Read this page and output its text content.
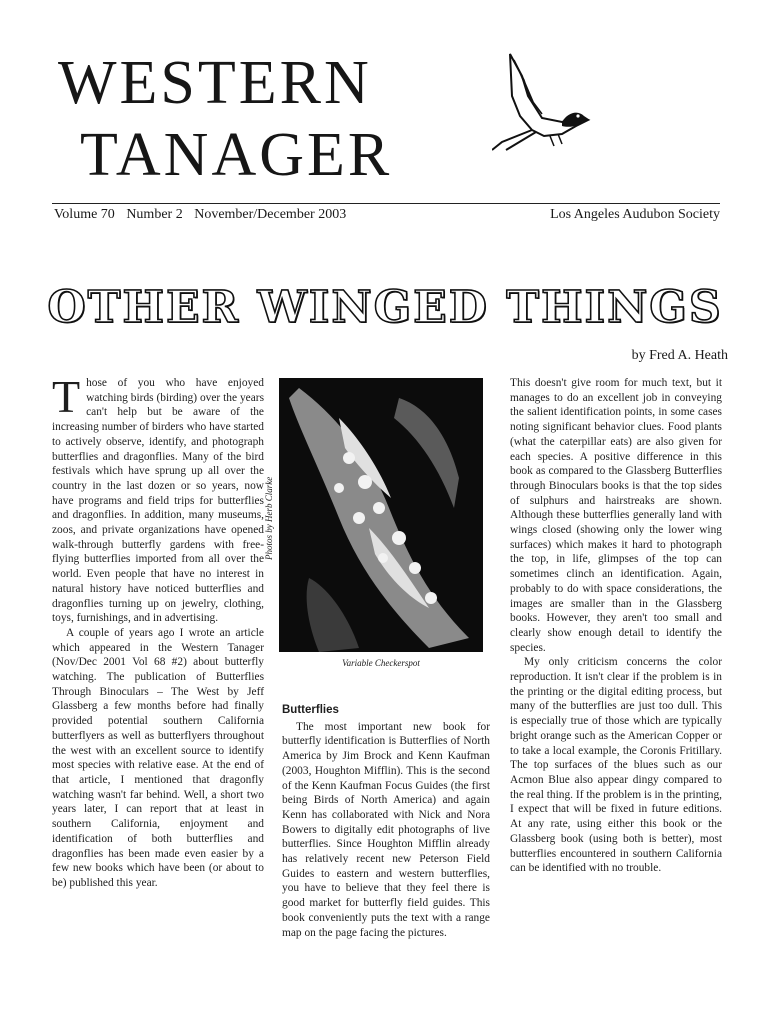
WESTERN
TANAGER
Volume 70 Number 2 November/December 2003	Los Angeles Audubon Society
OTHER WINGED THINGS
by Fred A. Heath

Those of you who have enjoyed watching birds (birding) over the years can't help but be aware of the increasing number of birders who have started to actively observe, identify, and photograph butterflies and dragonflies. Many of the bird festivals which have sprung up all over the country in the last dozen or so years, now have programs and field trips for butterflies and dragonflies. In addition, many museums, zoos, and private organizations have opened walk-through butterfly gardens with free-flying butterflies imported from all over the world. Even people that have no interest in natural history have noticed butterflies and dragonflies turning up on jewelry, clothing, toys, furnishings, and in advertising.

A couple of years ago I wrote an article which appeared in the Western Tanager (Nov/Dec 2001 Vol 68 #2) about butterfly watching. The publication of Butterflies Through Binoculars – The West by Jeff Glassberg a few months before had finally provided potential southern California butterflyers as well as butterflyers throughout the west with an excellent source to identify most species with relative ease. At the end of that article, I mentioned that dragonfly watching wasn't far behind. Well, a short two years later, I can report that at least in southern California, enjoyment and identification of both butterflies and dragonflies has been made even easier by a few new books which have been (or about to be) published this year.

Photos by Herb Clarke
Variable Checkerspot
Butterflies

The most important new book for butterfly identification is Butterflies of North America by Jim Brock and Kenn Kaufman (2003, Houghton Mifflin). This is the second of the Kenn Kaufman Focus Guides (the first being Birds of North America) and again Kenn has collaborated with Nick and Nora Bowers to digitally edit photographs of live butterflies. Since Houghton Mifflin already has relatively recent new Peterson Field Guides to eastern and western butterflies, you have to believe that they feel there is good market for butterfly field guides. This book conveniently puts the text with a range map on the page facing the pictures.

This doesn't give room for much text, but it manages to do an excellent job in conveying the salient identification points, in some cases noting significant behavior clues. Food plants (what the caterpillar eats) are also given for each species. A positive difference in this book as compared to the Glassberg Butterflies through Binoculars books is that the top sides of sulphurs and hairstreaks are shown. Although these butterflies generally land with wings closed (showing only the lower wing surfaces) which makes it hard to photograph the top, in life, glimpses of the top can sometimes clinch an identification. Again, probably to do with space considerations, the images are smaller than in the Glassberg books. However, they aren't too small and clearly show enough detail to identify the species.

My only criticism concerns the color reproduction. It isn't clear if the problem is in the printing or the digital editing process, but many of the butterflies are just too dull. This is especially true of those which are typically bright orange such as the American Copper or to take a local example, the Coronis Fritillary. The top surfaces of the blues such as our Acmon Blue also appear dingy compared to the real thing. If the problem is in the printing, I expect that will be fixed in future editions. At any rate, using either this book or the Glassberg book (using both is better), most butterflies encountered in southern California can be identified with no trouble.
